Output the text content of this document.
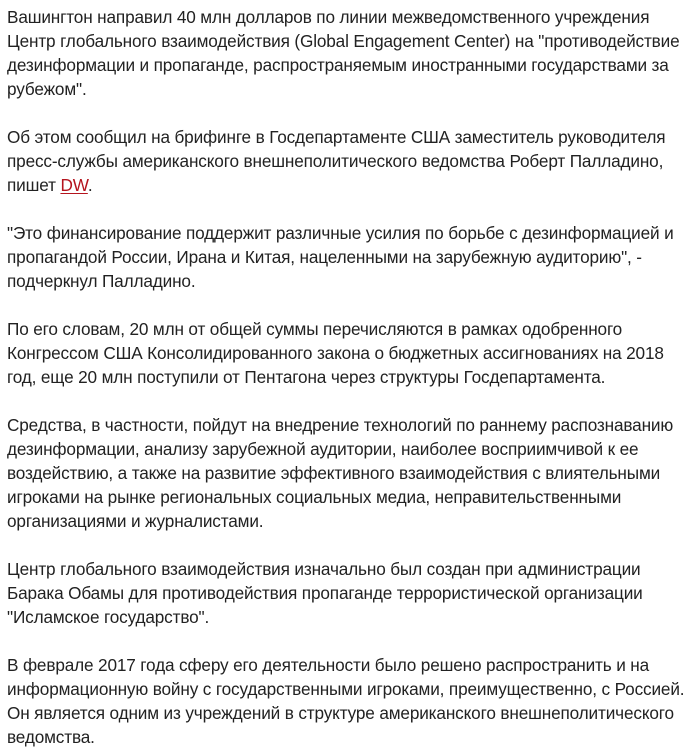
Вашингтон направил 40 млн долларов по линии межведомственного учреждения Центр глобального взаимодействия (Global Engagement Center) на "противодействие дезинформации и пропаганде, распространяемым иностранными государствами за рубежом".

Об этом сообщил на брифинге в Госдепартаменте США заместитель руководителя пресс-службы американского внешнеполитического ведомства Роберт Палладино, пишет DW.

"Это финансирование поддержит различные усилия по борьбе с дезинформацией и пропагандой России, Ирана и Китая, нацеленными на зарубежную аудиторию", - подчеркнул Палладино.

По его словам, 20 млн от общей суммы перечисляются в рамках одобренного Конгрессом США Консолидированного закона о бюджетных ассигнованиях на 2018 год, еще 20 млн поступили от Пентагона через структуры Госдепартамента.

Средства, в частности, пойдут на внедрение технологий по раннему распознаванию дезинформации, анализу зарубежной аудитории, наиболее восприимчивой к ее воздействию, а также на развитие эффективного взаимодействия с влиятельными игроками на рынке региональных социальных медиа, неправительственными организациями и журналистами.

Центр глобального взаимодействия изначально был создан при администрации Барака Обамы для противодействия пропаганде террористической организации "Исламское государство".

В феврале 2017 года сферу его деятельности было решено распространить и на информационную войну с государственными игроками, преимущественно, с Россией. Он является одним из учреждений в структуре американского внешнеполитического ведомства.
